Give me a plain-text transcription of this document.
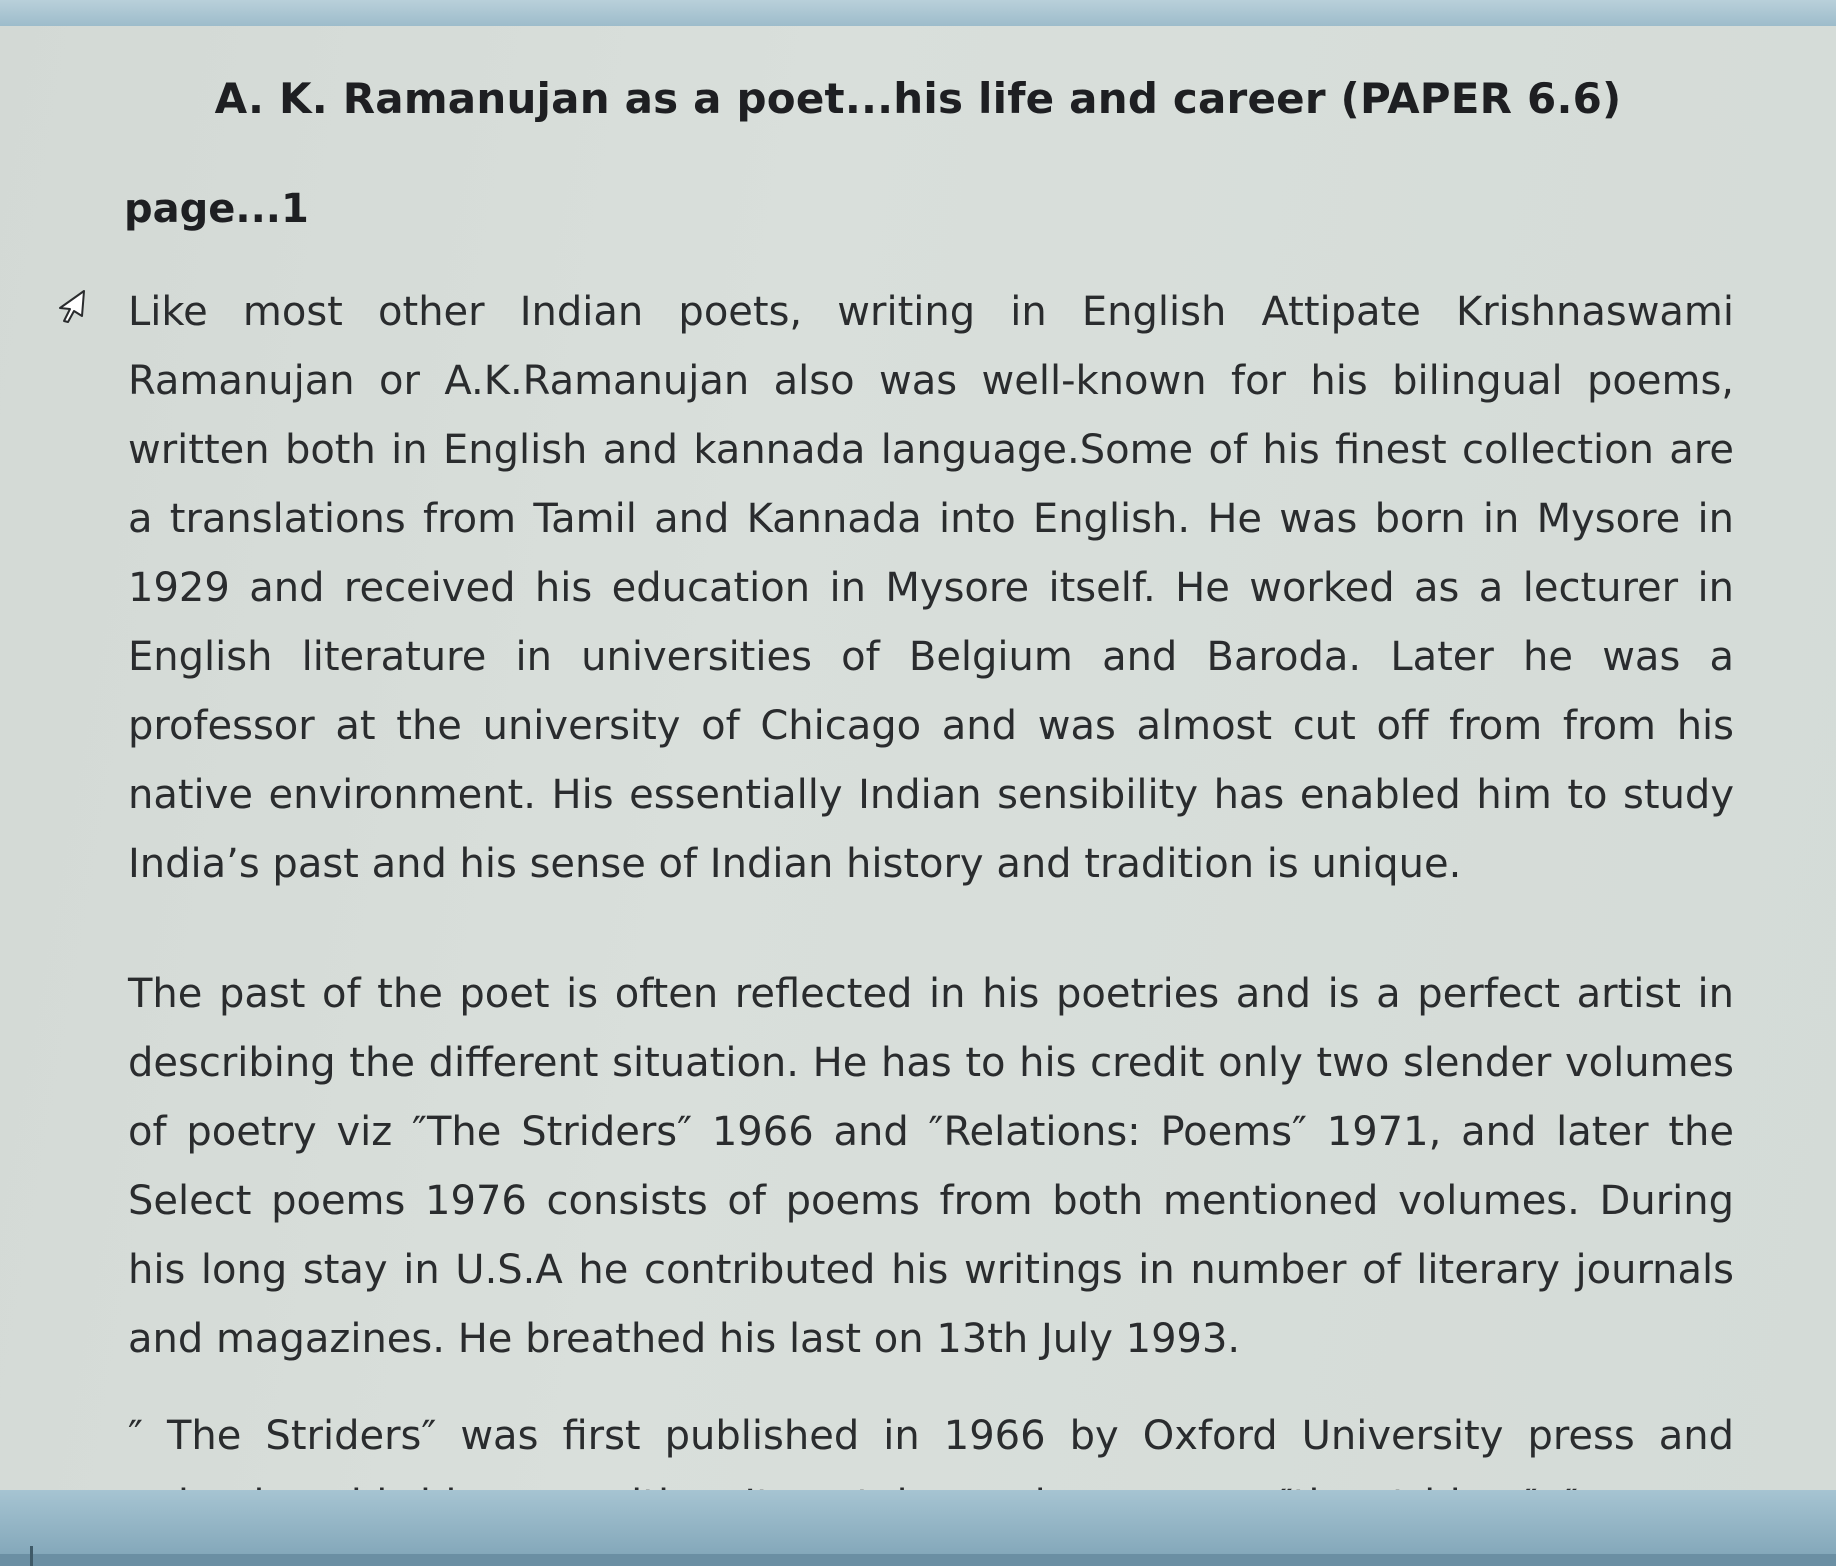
A. K. Ramanujan as a poet...his life and career (PAPER 6.6)

page...1

Like most other Indian poets, writing in English Attipate Krishnaswami Ramanujan or A.K.Ramanujan also was well-known for his bilingual poems, written both in English and kannada language.Some of his finest collection are a translations from Tamil and Kannada into English. He was born in Mysore in 1929 and received his education in Mysore itself. He worked as a lecturer in English literature in universities of Belgium and Baroda. Later he was a professor at the university of Chicago and was almost cut off from from his native environment. His essentially Indian sensibility has enabled him to study India’s past and his sense of Indian history and tradition is unique.

The past of the poet is often reflected in his poetries and is a perfect artist in describing the different situation. He has to his credit only two slender volumes of poetry viz ″The Striders″ 1966 and ″Relations: Poems″ 1971, and later the Select poems 1976 consists of poems from both mentioned volumes. During his long stay in U.S.A he contributed his writings in number of literary journals and magazines. He breathed his last on 13th July 1993.

″ The Striders″ was first published in 1966 by Oxford University press and
